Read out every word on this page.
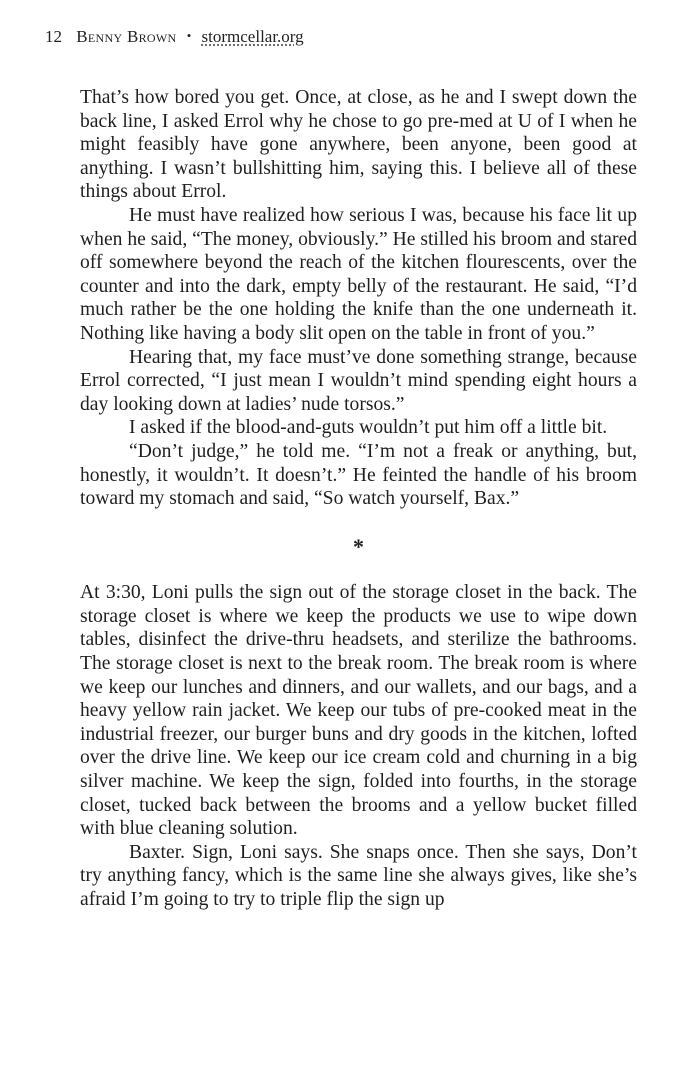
12 Benny Brown • stormcellar.org

That’s how bored you get. Once, at close, as he and I swept down the back line, I asked Errol why he chose to go pre-med at U of I when he might feasibly have gone anywhere, been anyone, been good at anything. I wasn’t bullshitting him, saying this. I believe all of these things about Errol.

He must have realized how serious I was, because his face lit up when he said, “The money, obviously.” He stilled his broom and stared off somewhere beyond the reach of the kitchen flourescents, over the counter and into the dark, empty belly of the restaurant. He said, “I’d much rather be the one holding the knife than the one underneath it. Nothing like having a body slit open on the table in front of you.”

Hearing that, my face must’ve done something strange, because Errol corrected, “I just mean I wouldn’t mind spending eight hours a day looking down at ladies’ nude torsos.”

I asked if the blood-and-guts wouldn’t put him off a little bit.

“Don’t judge,” he told me. “I’m not a freak or anything, but, honestly, it wouldn’t. It doesn’t.” He feinted the handle of his broom toward my stomach and said, “So watch yourself, Bax.”

*

At 3:30, Loni pulls the sign out of the storage closet in the back. The storage closet is where we keep the products we use to wipe down tables, disinfect the drive-thru headsets, and sterilize the bathrooms. The storage closet is next to the break room. The break room is where we keep our lunches and dinners, and our wallets, and our bags, and a heavy yellow rain jacket. We keep our tubs of pre-cooked meat in the industrial freezer, our burger buns and dry goods in the kitchen, lofted over the drive line. We keep our ice cream cold and churning in a big silver machine. We keep the sign, folded into fourths, in the storage closet, tucked back between the brooms and a yellow bucket filled with blue cleaning solution.

Baxter. Sign, Loni says. She snaps once. Then she says, Don’t try anything fancy, which is the same line she always gives, like she’s afraid I’m going to try to triple flip the sign up
